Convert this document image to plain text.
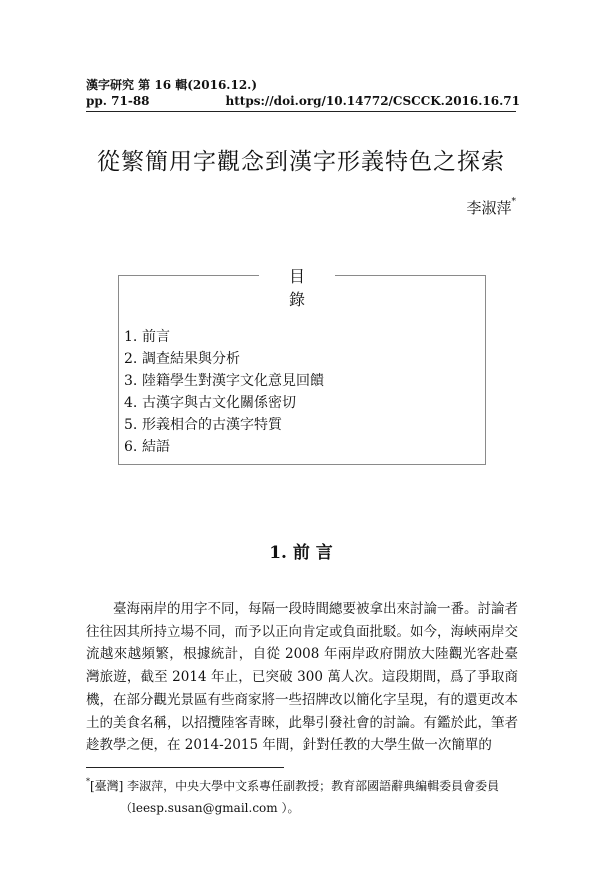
漢字研究 第 16 輯(2016.12.)
pp. 71-88	https://doi.org/10.14772/CSCCK.2016.16.71
從繁簡用字觀念到漢字形義特色之探索
李淑萍*
目 錄
1. 前言
2. 調查結果與分析
3. 陸籍學生對漢字文化意見回饋
4. 古漢字與古文化關係密切
5. 形義相合的古漢字特質
6. 結語
1. 前 言

臺海兩岸的用字不同，每隔一段時間總要被拿出來討論一番。討論者往往因其所持立場不同，而予以正向肯定或負面批駁。如今，海峽兩岸交流越來越頻繁，根據統計，自從 2008 年兩岸政府開放大陸觀光客赴臺灣旅遊，截至 2014 年止，已突破 300 萬人次。這段期間，爲了爭取商機，在部分觀光景區有些商家將一些招牌改以簡化字呈現，有的還更改本土的美食名稱，以招攬陸客青睞，此舉引發社會的討論。有鑑於此，筆者趁教學之便，在 2014-2015 年間，針對任教的大學生做一次簡單的

*[臺灣] 李淑萍，中央大學中文系專任副教授；教育部國語辭典編輯委員會委員
（leesp.susan@gmail.com ）。
